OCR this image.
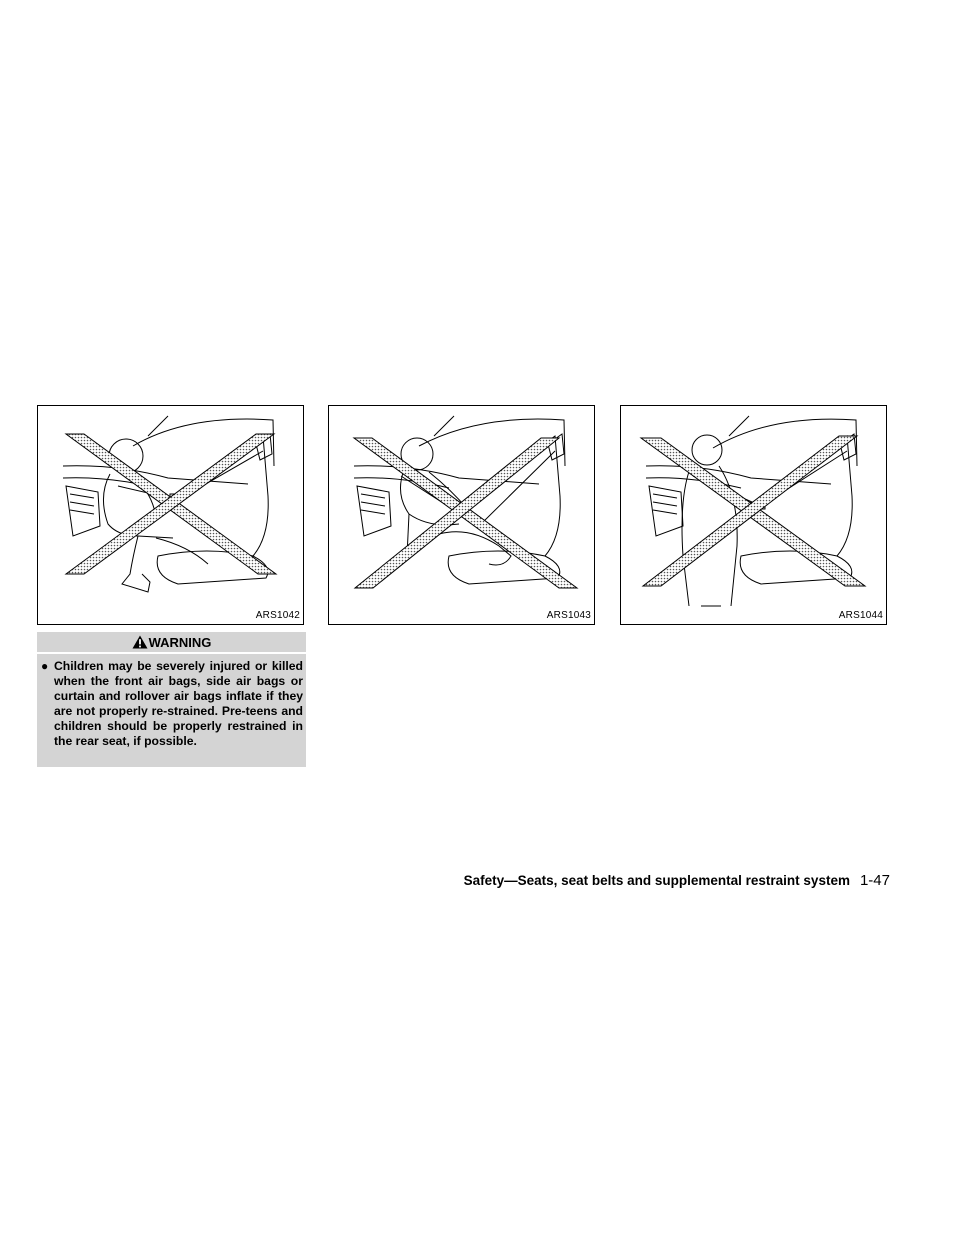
ARS1042	ARS1043	ARS1044
WARNING
● Children may be severely injured or killed when the front air bags, side air bags or curtain and rollover air bags inflate if they are not properly re-strained. Pre-teens and children should be properly restrained in the rear seat, if possible.
Safety—Seats, seat belts and supplemental restraint system 1-47
